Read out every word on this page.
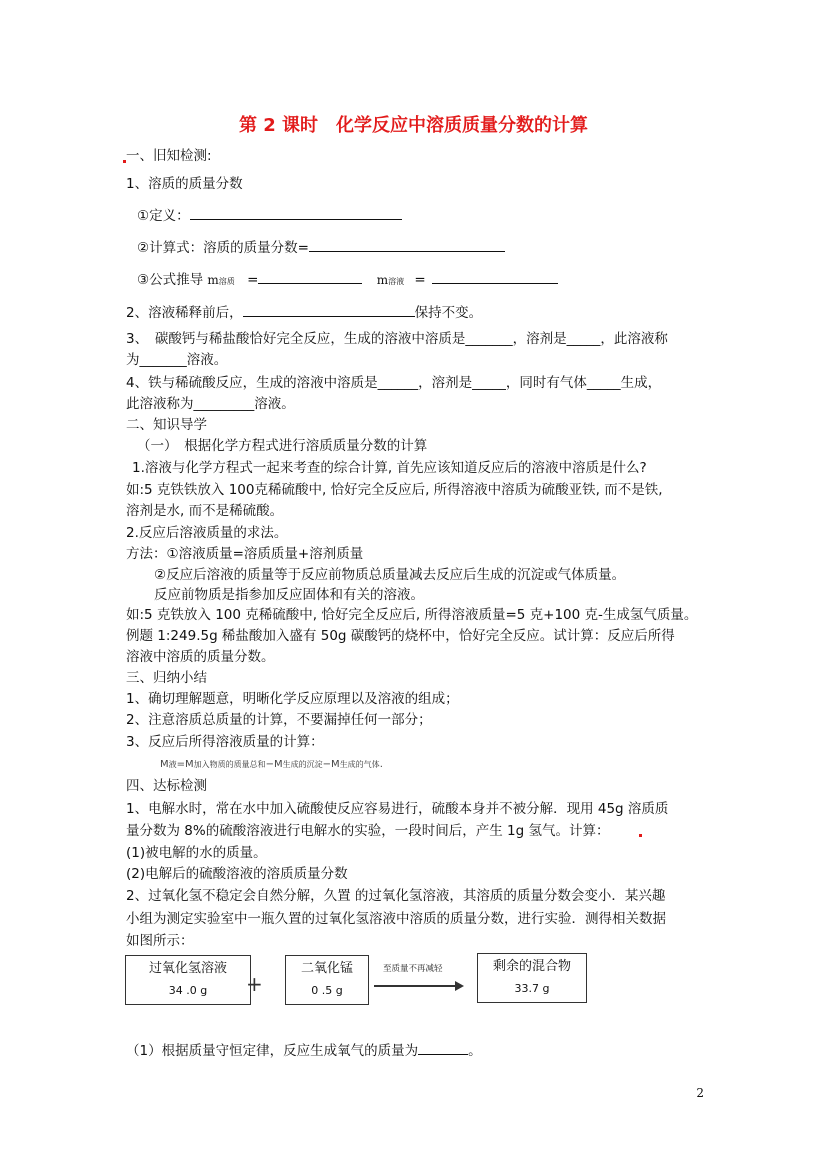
第 2 课时　化学反应中溶质质量分数的计算
一、旧知检测:
1、溶质的质量分数
①定义：
②计算式：溶质的质量分数=
③公式推导 m溶质 =	m溶液 =
2、溶液稀释前后，	保持不变。
3、　碳酸钙与稀盐酸恰好完全反应，生成的溶液中溶质是_______，溶剂是_____，此溶液称
为_______溶液。
4、铁与稀硫酸反应，生成的溶液中溶质是______，溶剂是_____，同时有气体_____生成，
此溶液称为_________溶液。
二、知识导学
（一）　根据化学方程式进行溶质质量分数的计算
1.溶液与化学方程式一起来考查的综合计算, 首先应该知道反应后的溶液中溶质是什么?
如:5 克铁铁放入 100克稀硫酸中, 恰好完全反应后, 所得溶液中溶质为硫酸亚铁, 而不是铁,
溶剂是水, 而不是稀硫酸。
2.反应后溶液质量的求法。
方法：①溶液质量=溶质质量+溶剂质量
②反应后溶液的质量等于反应前物质总质量减去反应后生成的沉淀或气体质量。
反应前物质是指参加反应固体和有关的溶液。
如:5 克铁放入 100 克稀硫酸中, 恰好完全反应后, 所得溶液质量=5 克+100 克-生成氢气质量。
例题 1:249.5g 稀盐酸加入盛有 50g 碳酸钙的烧杯中，恰好完全反应。试计算：反应后所得
溶液中溶质的质量分数。
三、归纳小结
1、确切理解题意，明晰化学反应原理以及溶液的组成；
2、注意溶质总质量的计算，不要漏掉任何一部分；
3、反应后所得溶液质量的计算：
M液=M加入物质的质量总和−M生成的沉淀−M生成的气体.
四、达标检测
1、电解水时，常在水中加入硫酸使反应容易进行，硫酸本身并不被分解．现用 45g 溶质质
量分数为 8%的硫酸溶液进行电解水的实验，一段时间后，产生 1g 氢气。计算：
(1)被电解的水的质量。
(2)电解后的硫酸溶液的溶质质量分数
2、过氧化氢不稳定会自然分解，久置 的过氧化氢溶液，其溶质的质量分数会变小．某兴趣
小组为测定实验室中一瓶久置的过氧化氢溶液中溶质的质量分数，进行实验．测得相关数据
如图所示：
过氧化氢溶液
34 .0 g	+
二氧化锰
0 .5 g
至质量不再减轻	剩余的混合物
33.7 g
（1）根据质量守恒定律，反应生成氧气的质量为	。
2
